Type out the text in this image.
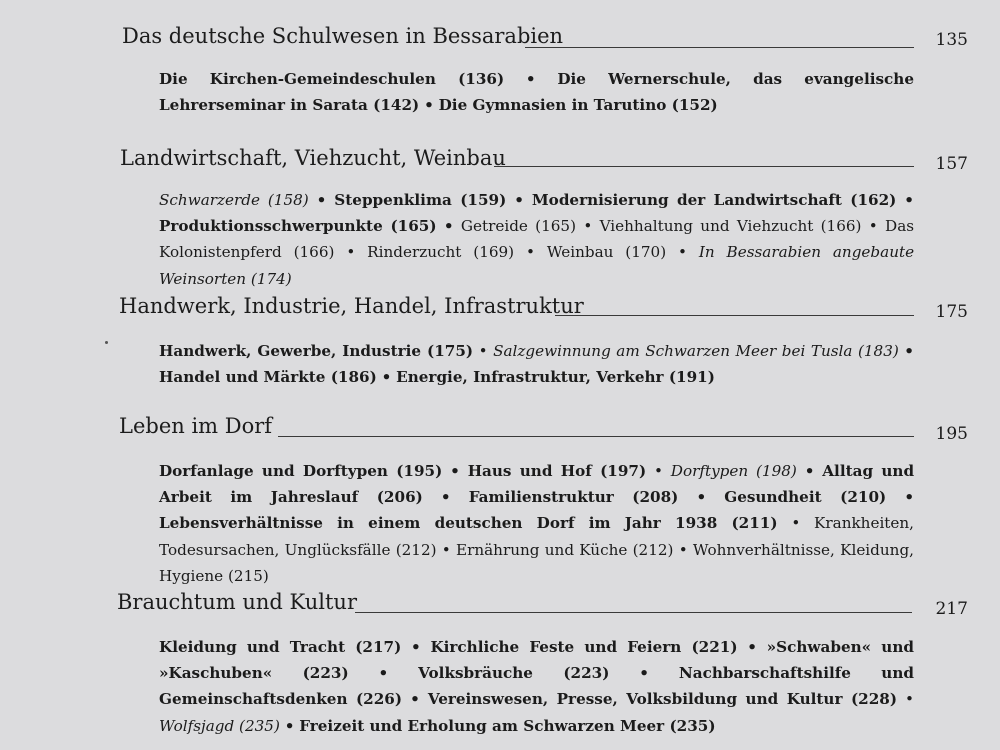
Das deutsche Schulwesen in Bessarabien	135
Die Kirchen-Gemeindeschulen (136) • Die Wernerschule, das evangelische Lehrerseminar in Sarata (142) • Die Gymnasien in Tarutino (152)
Landwirtschaft, Viehzucht, Weinbau	157
Schwarzerde (158) • Steppenklima (159) • Modernisierung der Landwirtschaft (162) • Produktionsschwerpunkte (165) • Getreide (165) • Viehhaltung und Viehzucht (166) • Das Kolonistenpferd (166) • Rinderzucht (169) • Weinbau (170) • In Bessarabien angebaute Weinsorten (174)
Handwerk, Industrie, Handel, Infrastruktur	175
Handwerk, Gewerbe, Industrie (175) • Salzgewinnung am Schwarzen Meer bei Tusla (183) • Handel und Märkte (186) • Energie, Infrastruktur, Verkehr (191)
Leben im Dorf	195
Dorfanlage und Dorftypen (195) • Haus und Hof (197) • Dorftypen (198) • Alltag und Arbeit im Jahreslauf (206) • Familienstruktur (208) • Gesundheit (210) • Lebensverhältnisse in einem deutschen Dorf im Jahr 1938 (211) • Krankheiten, Todesursachen, Unglücksfälle (212) • Ernährung und Küche (212) • Wohnverhältnisse, Kleidung, Hygiene (215)
Brauchtum und Kultur	217
Kleidung und Tracht (217) • Kirchliche Feste und Feiern (221) • »Schwaben« und »Kaschuben« (223) • Volksbräuche (223) • Nachbarschaftshilfe und Gemeinschaftsdenken (226) • Vereinswesen, Presse, Volksbildung und Kultur (228) • Wolfsjagd (235) • Freizeit und Erholung am Schwarzen Meer (235)
